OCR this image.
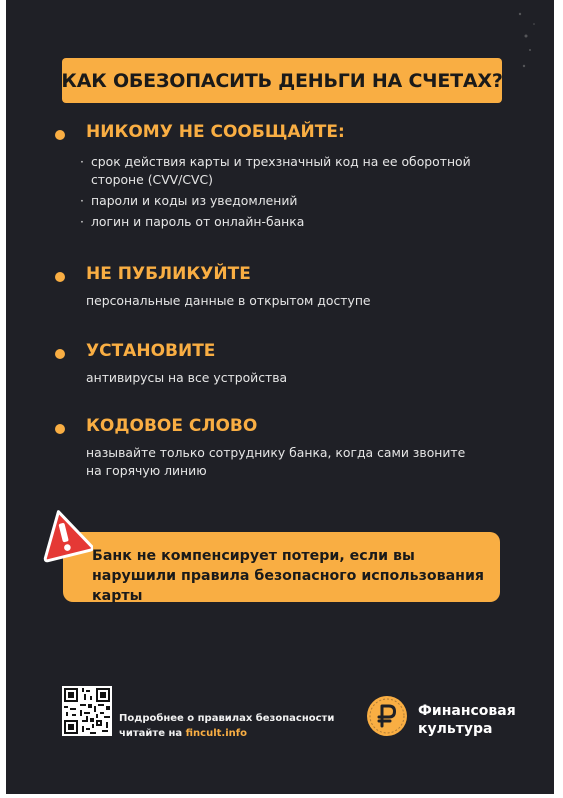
КАК ОБЕЗОПАСИТЬ ДЕНЬГИ НА СЧЕТАХ?
НИКОМУ НЕ СООБЩАЙТЕ:
· срок действия карты и трехзначный код на ее оборотной стороне (CVV/CVC)
· пароли и коды из уведомлений
· логин и пароль от онлайн-банка
НЕ ПУБЛИКУЙТЕ
персональные данные в открытом доступе
УСТАНОВИТЕ
антивирусы на все устройства
КОДОВОЕ СЛОВО
называйте только сотруднику банка, когда сами звоните на горячую линию
Банк не компенсирует потери, если вы нарушили правила безопасного использования карты
Подробнее о правилах безопасности
читайте на fincult.info
Финансовая
культура
